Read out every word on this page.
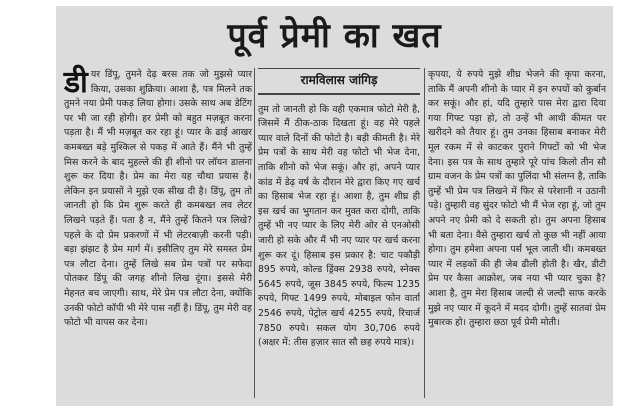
पूर्व प्रेमी का खत
डी यर डिंपू, तुमने देढ़ बरस तक जो मुझसे प्यार किया, उसका शुक्रिया। आशा है, पत्र मिलने तक तुमने नया प्रेमी पकड़ लिया होगा। उसके साथ अब डेटिंग पर भी जा रही होगी। हर प्रेमी को बहुत मज़बूत करना पड़ता है। मैं भी मज़बूत कर रहा हूं। प्यार के ढाई आखर कमबख्त बड़े मुश्किल से पकड़ में आते हैं। मैंने भी तुम्हें मिस करने के बाद मुहल्ले की ही शीनो पर लॉयन डालना शुरू कर दिया है। प्रेम का मेरा यह चौथा प्रयास है। लेकिन इन प्रयासों ने मुझे एक सीख दी है। डिंपू, तुम तो जानती हो कि प्रेम शुरू करते ही कमबख्त लव लेटर लिखने पड़ते हैं। पता है न, मैंने तुम्हें कितने पत्र लिखे? पहले के दो प्रेम प्रकरणों में भी लेटरबाज़ी करनी पड़ी। बड़ा झंझट है प्रेम मार्ग में। इसीलिए तुम मेरे समस्त प्रेम पत्र लौटा देना। तुम्हें लिखे सब प्रेम पत्रों पर सफेदा पोतकर डिंपू की जगह शीनो लिख दूंगा। इससे मेरी मेहनत बच जाएगी। साथ, मेरे प्रेम पत्र लौटा देना, क्योंकि उनकी फोटो कॉपी भी मेरे पास नहीं है। डिंपू, तुम मेरी वह फोटो भी वापस कर देना।

रामविलास जांगिड़

तुम तो जानती हो कि वही एकमात्र फोटो मेरी है, जिसमें मैं ठीक-ठाक दिखता हूं। वह मेरे पहले प्यार वाले दिनों की फोटो है। बड़ी कीमती है। मेरे प्रेम पत्रों के साथ मेरी वह फोटो भी भेज देना, ताकि शीनो को भेज सकूं। और हां, अपने प्यार कांड में डेढ़ वर्ष के दौरान मेरे द्वारा किए गए खर्च का हिसाब भेज रहा हूं। आशा है, तुम शीघ्र ही इस खर्च का भुगतान कर मुक्त करा दोगी, ताकि तुम्हें भी नए प्यार के लिए मेरी ओर से एनओसी जारी हो सके और मैं भी नए प्यार पर खर्च करना शुरू कर दूं। हिसाब इस प्रकार है: चाट पकौड़ी 895 रुपये, कोल्ड ड्रिंक्स 2938 रुपये, स्नेक्स 5645 रुपये, जूस 3845 रुपये, फिल्म 1235 रुपये, गिफ्ट 1499 रुपये, मोबाइल फोन वार्ता 2546 रुपये, पेट्रोल खर्च 4255 रुपये, रिचार्ज 7850 रुपये। सकल योग 30,706 रुपये (अक्षर में: तीस हज़ार सात सौ छह रुपये मात्र)।

कृपया, ये रुपये मुझे शीघ्र भेजने की कृपा करना, ताकि मैं अपनी शीनो के प्यार में इन रुपयों को कुर्बान कर सकूं। और हां, यदि तुम्हारे पास मेरा द्वारा दिया गया गिफ्ट पड़ा हो, तो उन्हें भी आधी कीमत पर खरीदने को तैयार हूं। तुम उनका हिसाब बनाकर मेरी मूल रकम में से काटकर पुराने गिफ्टों को भी भेज देना। इस पत्र के साथ तुम्हारे पूरे पांच किलो तीन सौ ग्राम वजन के प्रेम पत्रों का पुलिंदा भी संलग्न है, ताकि तुम्हें भी प्रेम पत्र लिखने में फिर से परेशानी न उठानी पड़े। तुम्हारी वह सुंदर फोटो भी मैं भेज रहा हूं, जो तुम अपने नए प्रेमी को दे सकती हो। तुम अपना हिसाब भी बता देना। वैसे तुम्हारा खर्च तो कुछ भी नहीं आया होगा। तुम हमेशा अपना पर्स भूल जाती थी। कमबख्त प्यार में लड़कों की ही जेब ढीली होती है। खैर, डीटी प्रेम पर कैसा आक्रोश, जब नया भी प्यार चुका है? आशा है, तुम मेरा हिसाब जल्दी से जल्दी साफ करके मुझे नए प्यार में कूदने में मदद दोगी। तुम्हें सातवां प्रेम मुबारक हो। तुम्हारा छठा पूर्व प्रेमी मोती।
